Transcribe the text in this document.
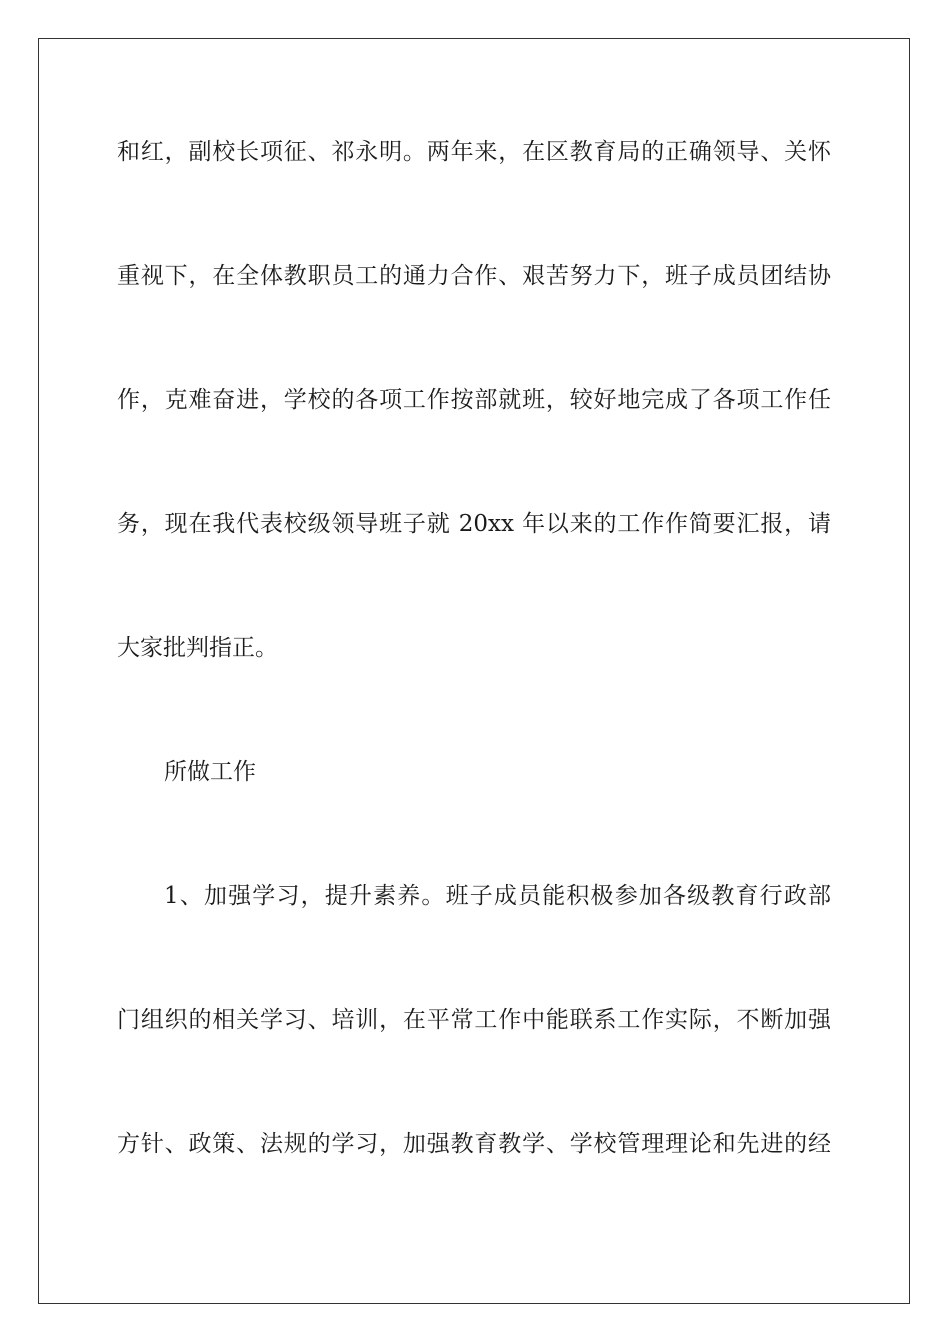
和红，副校长项征、祁永明。两年来，在区教育局的正确领导、关怀
重视下，在全体教职员工的通力合作、艰苦努力下，班子成员团结协
作，克难奋进，学校的各项工作按部就班，较好地完成了各项工作任
务，现在我代表校级领导班子就 20xx 年以来的工作作简要汇报，请
大家批判指正。
所做工作
1、加强学习，提升素养。班子成员能积极参加各级教育行政部
门组织的相关学习、培训，在平常工作中能联系工作实际，不断加强
方针、政策、法规的学习，加强教育教学、学校管理理论和先进的经
